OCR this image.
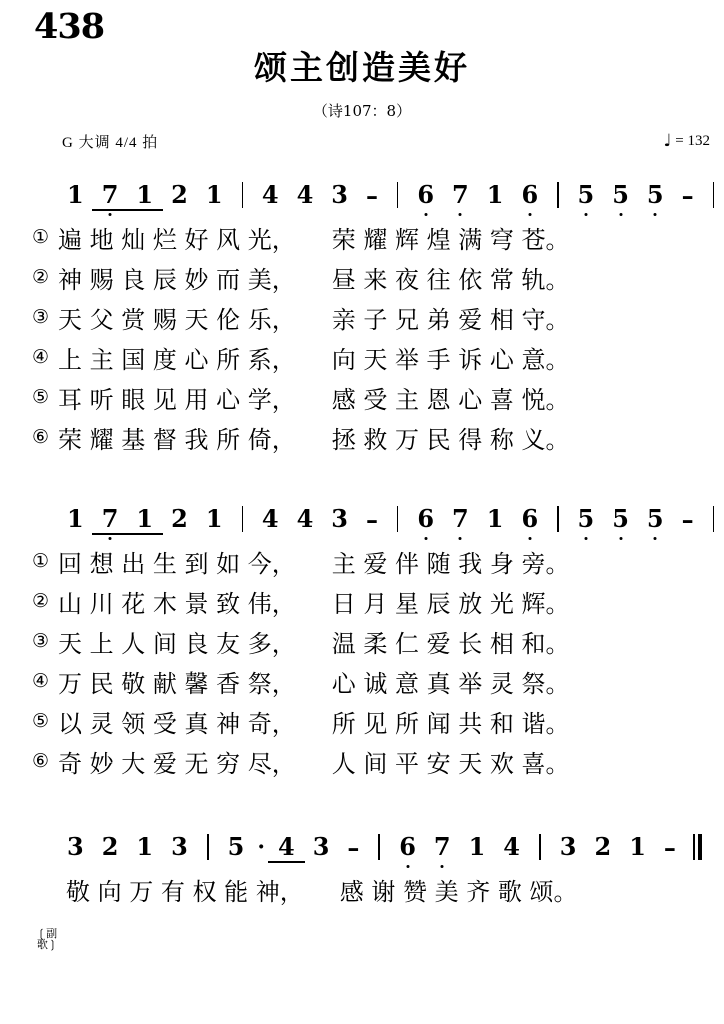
438
颂主创造美好
（诗107：8）
G 大调 4/4 拍	♩ = 132
1 7 1 2 1	4 4 3 –	6 7 1 6	5 5 5 –
① 遍 地 灿 烂 好 风 光， 荣 耀 辉 煌 满 穹 苍。
② 神 赐 良 辰 妙 而 美， 昼 来 夜 往 依 常 轨。
③ 天 父 赏 赐 天 伦 乐， 亲 子 兄 弟 爱 相 守。
④ 上 主 国 度 心 所 系， 向 天 举 手 诉 心 意。
⑤ 耳 听 眼 见 用 心 学， 感 受 主 恩 心 喜 悦。
⑥ 荣 耀 基 督 我 所 倚， 拯 救 万 民 得 称 义。
1 7 1 2 1	4 4 3 –	6 7 1 6	5 5 5 –
① 回 想 出 生 到 如 今， 主 爱 伴 随 我 身 旁。
② 山 川 花 木 景 致 伟， 日 月 星 辰 放 光 辉。
③ 天 上 人 间 良 友 多， 温 柔 仁 爱 长 相 和。
④ 万 民 敬 献 馨 香 祭， 心 诚 意 真 举 灵 祭。
⑤ 以 灵 领 受 真 神 奇， 所 见 所 闻 共 和 谐。
⑥ 奇 妙 大 爱 无 穷 尽， 人 间 平 安 天 欢 喜。
3 2 1 3	5 · 4 3 –	6 7 1 4	3 2 1 –
敬 向 万 有 权 能 神， 感 谢 赞 美 齐 歌 颂。
❲副
歌❳
